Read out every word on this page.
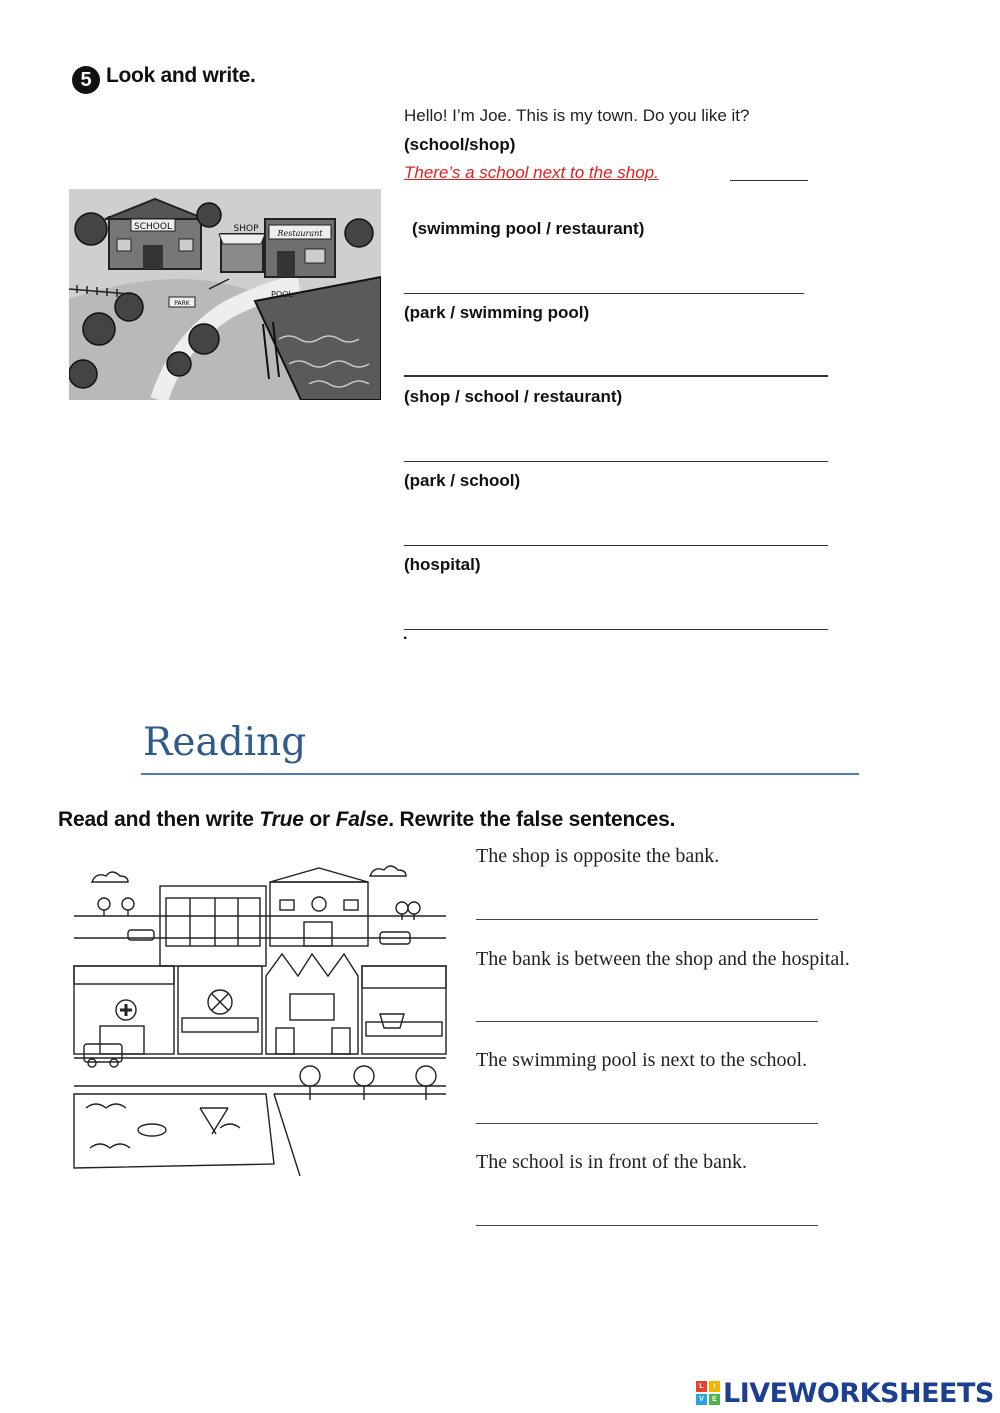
5 Look and write.
SCHOOL	SHOP Restaurant
POOL
PARK
Hello! I’m Joe. This is my town. Do you like it?
(school/shop)
There’s a school next to the shop.
(swimming pool / restaurant)
(park / swimming pool)
(shop / school / restaurant)
(park / school)
(hospital)
.
Reading
Read and then write True or False. Rewrite the false sentences.
The shop is opposite the bank.
The bank is between the shop and the hospital.
The swimming pool is next to the school.
The school is in front of the bank.
L	I
V	E LIVEWORKSHEETS
